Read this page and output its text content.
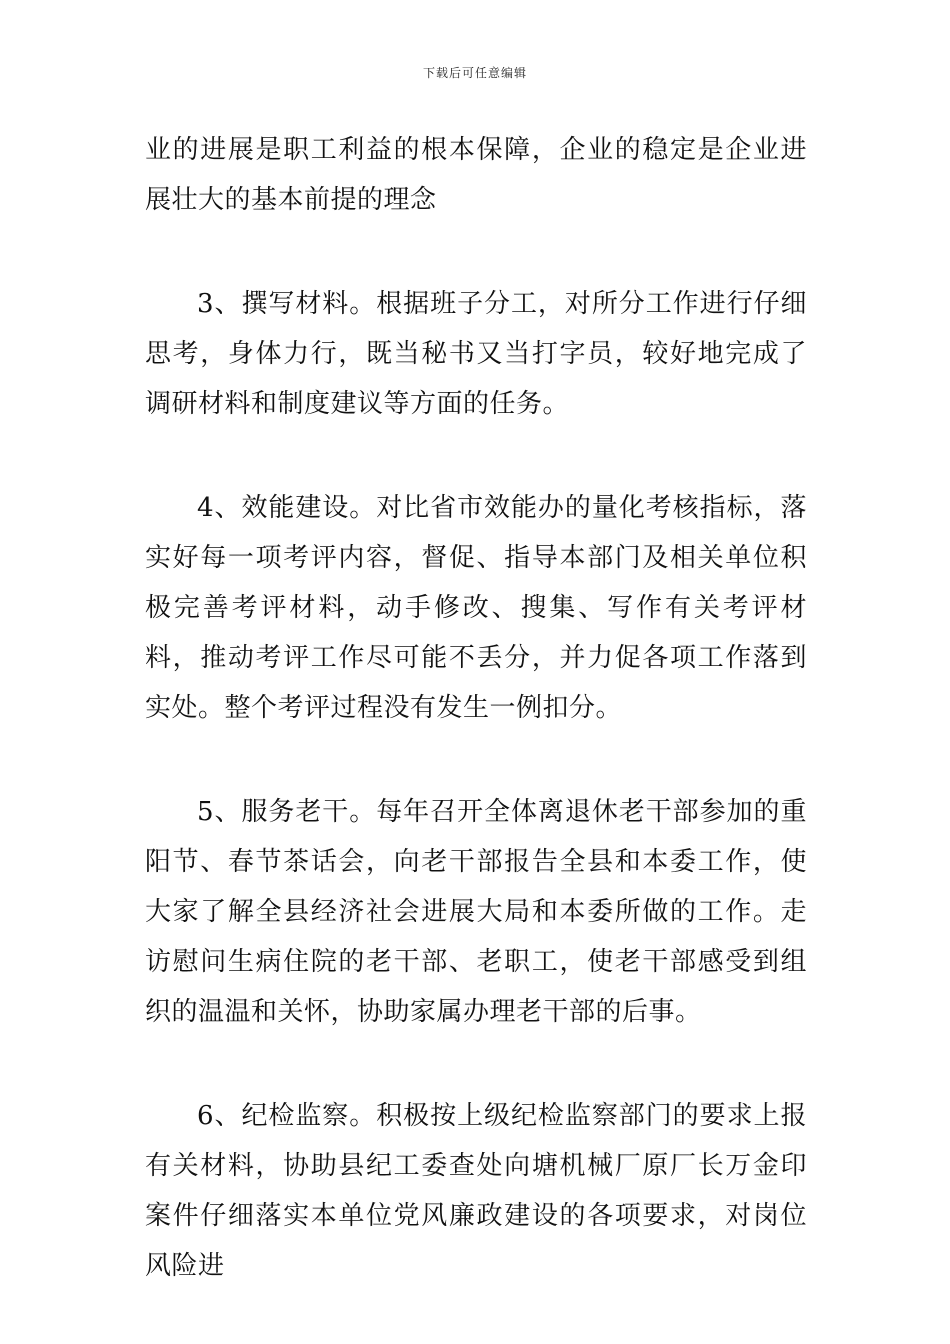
下载后可任意编辑

业的进展是职工利益的根本保障，企业的稳定是企业进展壮大的基本前提的理念

3、撰写材料。根据班子分工，对所分工作进行仔细思考，身体力行，既当秘书又当打字员，较好地完成了调研材料和制度建议等方面的任务。

4、效能建设。对比省市效能办的量化考核指标，落实好每一项考评内容，督促、指导本部门及相关单位积极完善考评材料，动手修改、搜集、写作有关考评材料，推动考评工作尽可能不丢分，并力促各项工作落到实处。整个考评过程没有发生一例扣分。

5、服务老干。每年召开全体离退休老干部参加的重阳节、春节茶话会，向老干部报告全县和本委工作，使大家了解全县经济社会进展大局和本委所做的工作。走访慰问生病住院的老干部、老职工，使老干部感受到组织的温温和关怀，协助家属办理老干部的后事。

6、纪检监察。积极按上级纪检监察部门的要求上报有关材料，协助县纪工委查处向塘机械厂原厂长万金印案件仔细落实本单位党风廉政建设的各项要求，对岗位风险进
